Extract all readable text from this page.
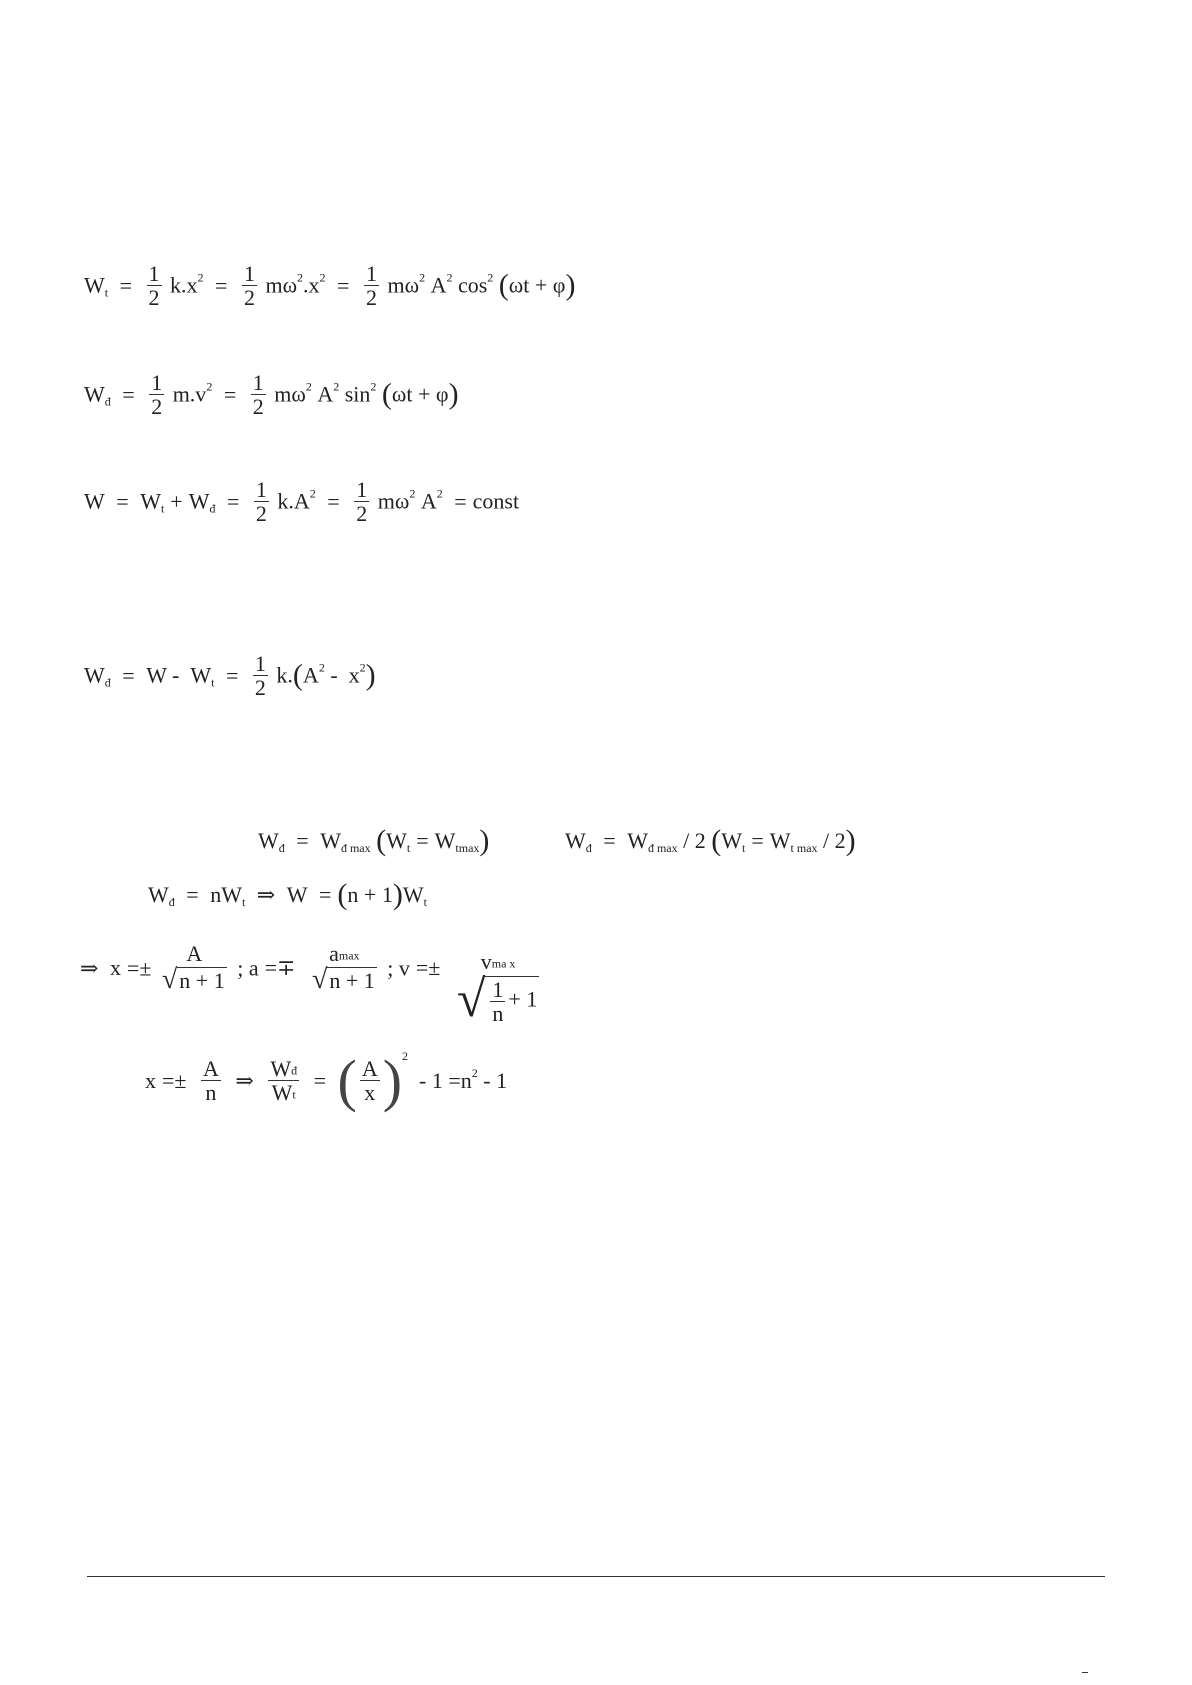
$W_t = \frac{1}{2} k.x^2 = \frac{1}{2} m\omega^2.x^2 = \frac{1}{2} m\omega^2$ $A^2$ $\cos^2 (\omega t + \varphi)$
$W_đ = \frac{1}{2} m.v^2 = \frac{1}{2} m\omega^2$ $A^2$ $\sin^2 (\omega t + \varphi)$
$W = W_t + W_đ = \frac{1}{2} k.A^2 = \frac{1}{2} m\omega^2$ $A^2$ = const
$W_đ = W - W_t = \frac{1}{2} k.(A^2 - x^2)$
$W_đ = W_{đ max}$ $(W_t = W_{tmax})$	$W_đ = W_{đ max} / 2$ $(W_t = W_{t max} / 2)$
$W_đ = nW_t$ ⇒ $W = (n + 1)W_t$
⇒ x =±
A
√n + 1
; a =∓
amax
√n + 1
; v =±	vma x
√ $\frac{1}{n} + 1$
$x =\pm \frac{A}{n}$ ⇒ $\frac{Wđ}{Wt}$ = ( $\frac{A}{x} )^2 - 1 =n^2 - 1$
